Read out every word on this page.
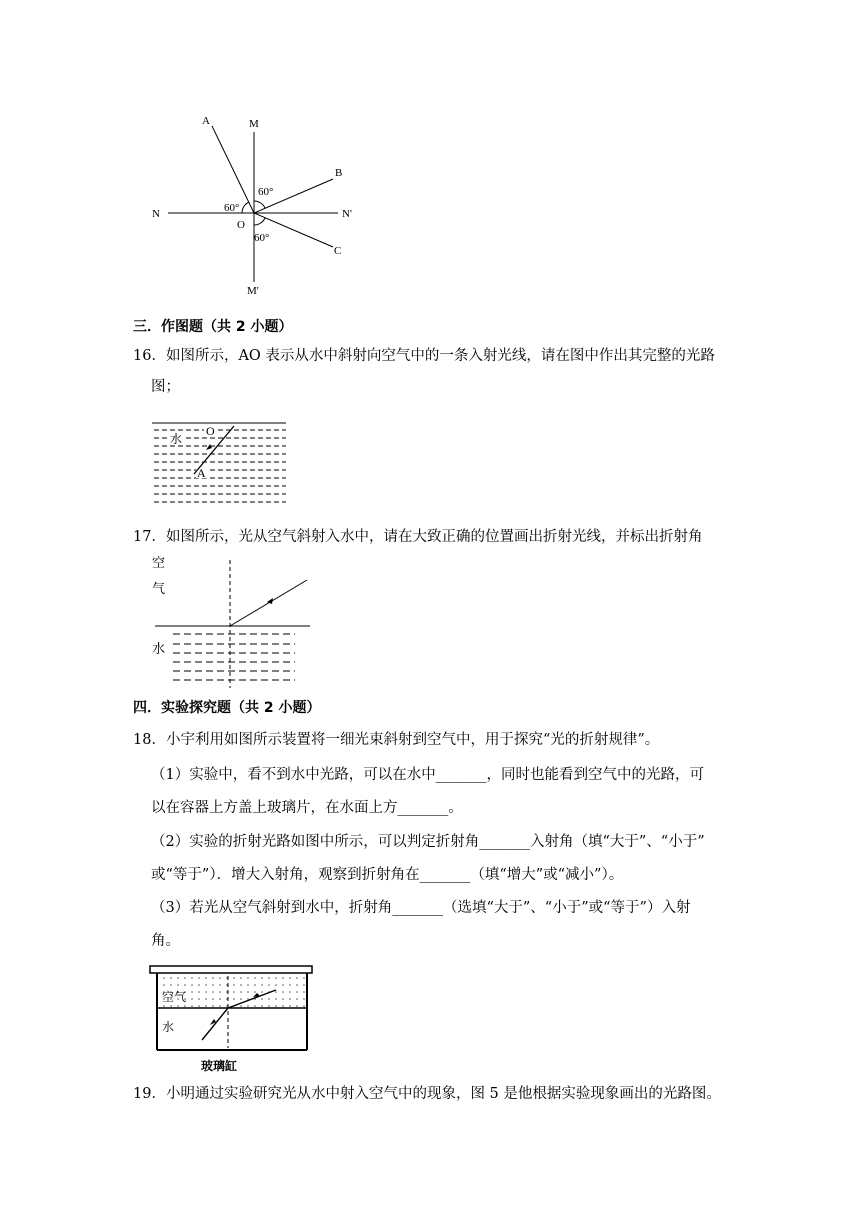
A	M
B
N	N'
O
C
M'
60°
60°
60°
三．作图题（共 2 小题）
16．如图所示，AO 表示从水中斜射向空气中的一条入射光线，请在图中作出其完整的光路
图；
水
O
A
17．如图所示，光从空气斜射入水中，请在大致正确的位置画出折射光线，并标出折射角
空
气
水
四．实验探究题（共 2 小题）
18．小宇利用如图所示装置将一细光束斜射到空气中，用于探究“光的折射规律”。
（1）实验中，看不到水中光路，可以在水中_______，同时也能看到空气中的光路，可
以在容器上方盖上玻璃片，在水面上方_______。
（2）实验的折射光路如图中所示，可以判定折射角_______入射角（填“大于”、“小于”
或“等于”）．增大入射角，观察到折射角在_______（填“增大”或“减小”）。
（3）若光从空气斜射到水中，折射角_______（选填“大于”、“小于”或“等于”）入射
角。
空气
水
玻璃缸
19．小明通过实验研究光从水中射入空气中的现象，图 5 是他根据实验现象画出的光路图。
